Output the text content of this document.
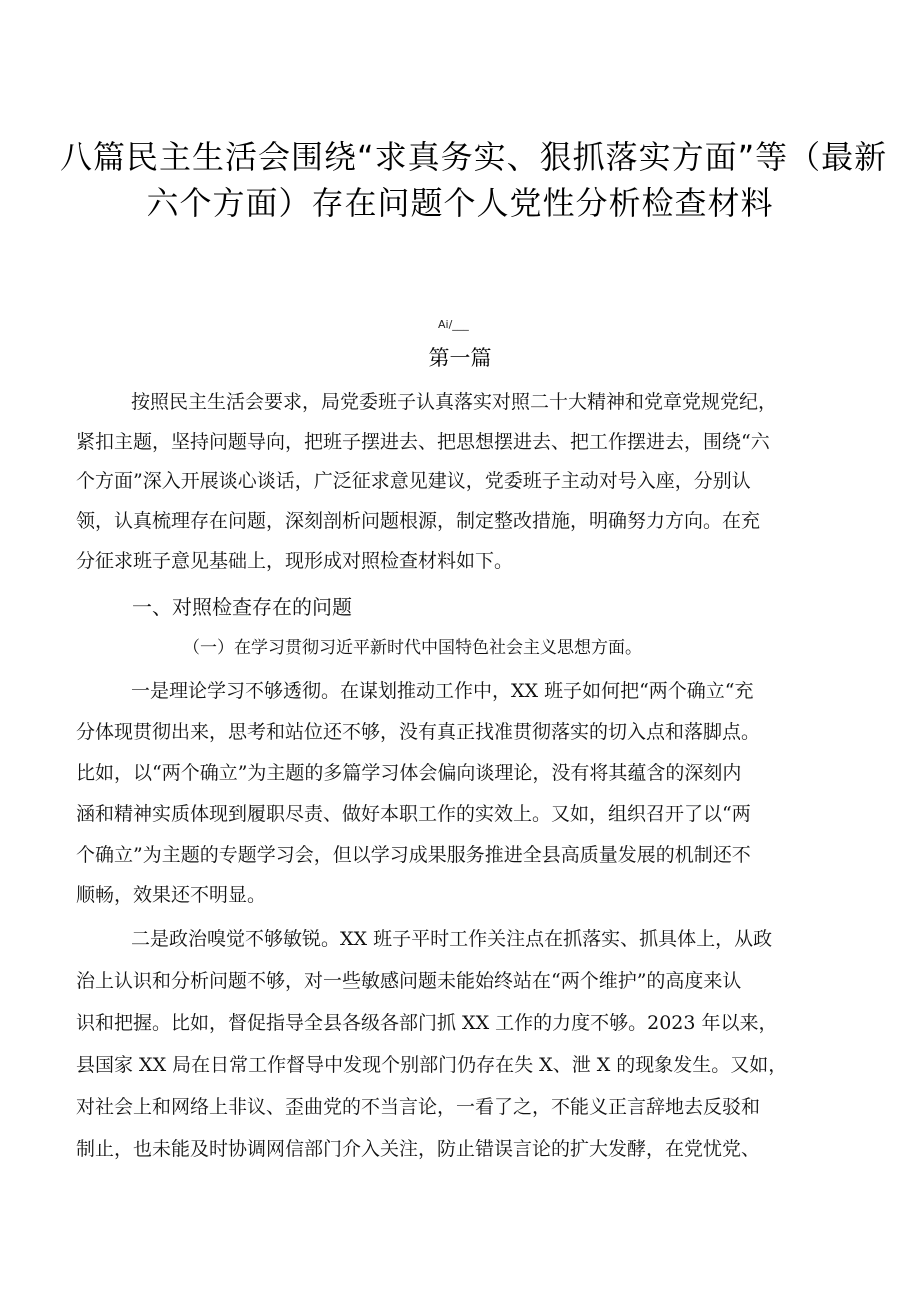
八篇民主生活会围绕“求真务实、狠抓落实方面”等（最新
六个方面）存在问题个人党性分析检查材料
Ai/___
第一篇
按照民主生活会要求，局党委班子认真落实对照二十大精神和党章党规党纪，
紧扣主题，坚持问题导向，把班子摆进去、把思想摆进去、把工作摆进去，围绕“六
个方面”深入开展谈心谈话，广泛征求意见建议，党委班子主动对号入座，分别认
领，认真梳理存在问题，深刻剖析问题根源，制定整改措施，明确努力方向。在充
分征求班子意见基础上，现形成对照检查材料如下。
一、对照检查存在的问题
（一）在学习贯彻习近平新时代中国特色社会主义思想方面。
一是理论学习不够透彻。在谋划推动工作中，XX 班子如何把“两个确立“充
分体现贯彻出来，思考和站位还不够，没有真正找准贯彻落实的切入点和落脚点。
比如，以“两个确立”为主题的多篇学习体会偏向谈理论，没有将其蕴含的深刻内
涵和精神实质体现到履职尽责、做好本职工作的实效上。又如，组织召开了以“两
个确立”为主题的专题学习会，但以学习成果服务推进全县高质量发展的机制还不
顺畅，效果还不明显。
二是政治嗅觉不够敏锐。XX 班子平时工作关注点在抓落实、抓具体上，从政
治上认识和分析问题不够，对一些敏感问题未能始终站在“两个维护”的高度来认
识和把握。比如，督促指导全县各级各部门抓 XX 工作的力度不够。2023 年以来，
县国家 XX 局在日常工作督导中发现个别部门仍存在失 X、泄 X 的现象发生。又如，
对社会上和网络上非议、歪曲党的不当言论，一看了之，不能义正言辞地去反驳和
制止，也未能及时协调网信部门介入关注，防止错误言论的扩大发酵，在党忧党、
